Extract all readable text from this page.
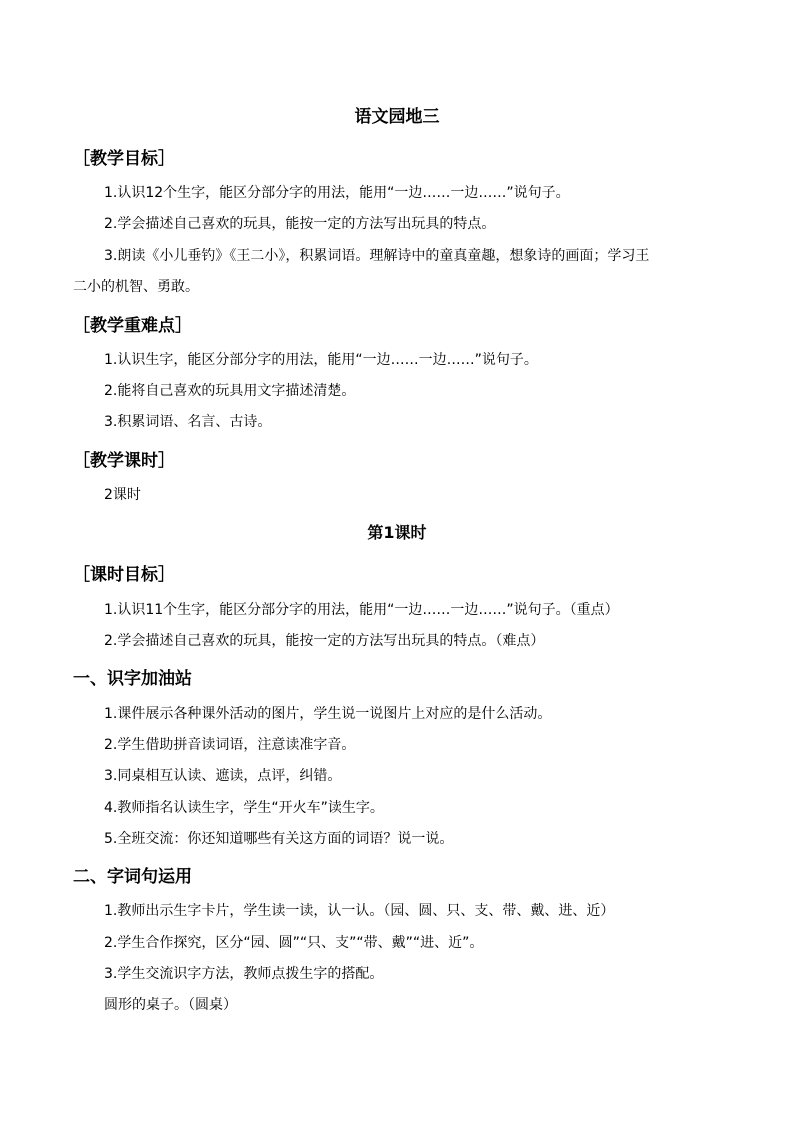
语文园地三
［教学目标］

1.认识12个生字，能区分部分字的用法，能用“一边……一边……”说句子。

2.学会描述自己喜欢的玩具，能按一定的方法写出玩具的特点。

3.朗读《小儿垂钓》《王二小》，积累词语。理解诗中的童真童趣，想象诗的画面；学习王

二小的机智、勇敢。

［教学重难点］

1.认识生字，能区分部分字的用法，能用“一边……一边……”说句子。

2.能将自己喜欢的玩具用文字描述清楚。

3.积累词语、名言、古诗。

［教学课时］

2课时

第1课时
［课时目标］

1.认识11个生字，能区分部分字的用法，能用“一边……一边……”说句子。（重点）

2.学会描述自己喜欢的玩具，能按一定的方法写出玩具的特点。（难点）

一、识字加油站

1.课件展示各种课外活动的图片，学生说一说图片上对应的是什么活动。

2.学生借助拼音读词语，注意读准字音。

3.同桌相互认读、遮读，点评，纠错。

4.教师指名认读生字，学生“开火车”读生字。

5.全班交流：你还知道哪些有关这方面的词语？说一说。

二、字词句运用

1.教师出示生字卡片，学生读一读，认一认。（园、圆、只、支、带、戴、进、近）

2.学生合作探究，区分“园、圆”“只、支”“带、戴”“进、近”。

3.学生交流识字方法，教师点拨生字的搭配。

圆形的桌子。（圆桌）
